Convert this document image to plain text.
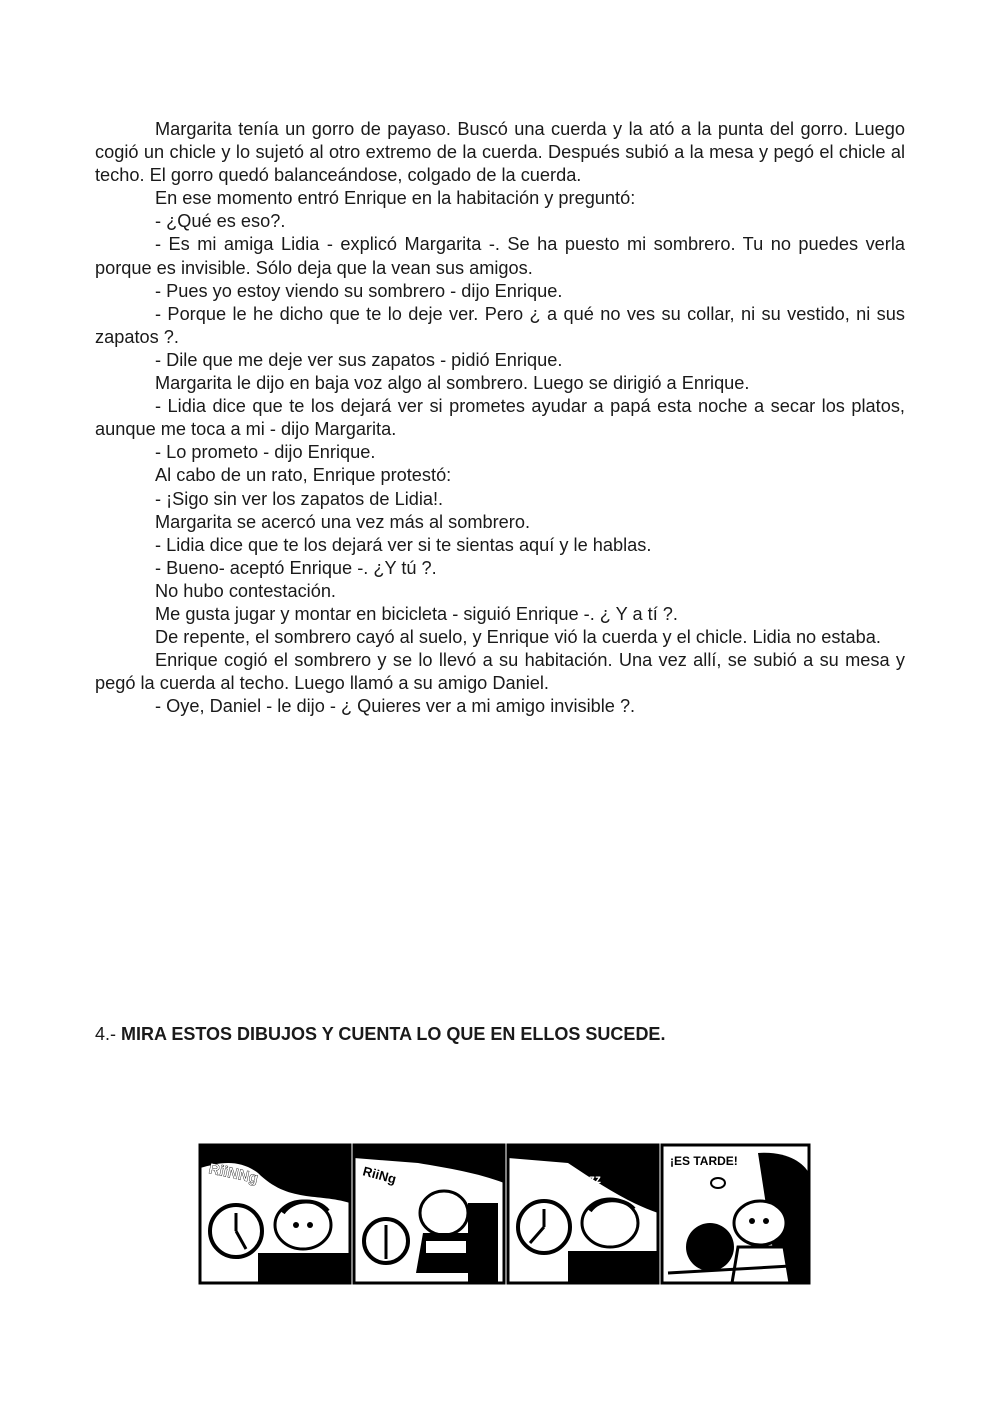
Margarita tenía un gorro de payaso. Buscó una cuerda y la ató a la punta del gorro. Luego cogió un chicle y lo sujetó al otro extremo de la cuerda. Después subió a la mesa y pegó el chicle al techo. El gorro quedó balanceándose, colgado de la cuerda.

En ese momento entró Enrique en la habitación y preguntó:

- ¿Qué es eso?.

- Es mi amiga Lidia - explicó Margarita -. Se ha puesto mi sombrero. Tu no puedes verla porque es invisible. Sólo deja que la vean sus amigos.

- Pues yo estoy viendo su sombrero - dijo Enrique.

- Porque le he dicho que te lo deje ver. Pero ¿ a qué no ves su collar, ni su vestido, ni sus zapatos ?.

- Dile que me deje ver sus zapatos - pidió Enrique.

Margarita le dijo en baja voz algo al sombrero. Luego se dirigió a Enrique.

- Lidia dice que te los dejará ver si prometes ayudar a papá esta noche a secar los platos, aunque me toca a mi - dijo Margarita.

- Lo prometo - dijo Enrique.

Al cabo de un rato, Enrique protestó:

- ¡Sigo sin ver los zapatos de Lidia!.

Margarita se acercó una vez más al sombrero.

- Lidia dice que te los dejará ver si te sientas aquí y le hablas.

- Bueno- aceptó Enrique -. ¿Y tú ?.

No hubo contestación.

Me gusta jugar y montar en bicicleta - siguió Enrique -. ¿ Y a tí ?.

De repente, el sombrero cayó al suelo, y Enrique vió la cuerda y el chicle. Lidia no estaba.

Enrique cogió el sombrero y se lo llevó a su habitación. Una vez allí, se subió a su mesa y pegó la cuerda al techo. Luego llamó a su amigo Daniel.

- Oye, Daniel - le dijo - ¿ Quieres ver a mi amigo invisible ?.

4.- MIRA ESTOS DIBUJOS Y CUENTA LO QUE EN ELLOS SUCEDE.

RiiNNg	RiiNg	zzz
¡ES TARDE!
